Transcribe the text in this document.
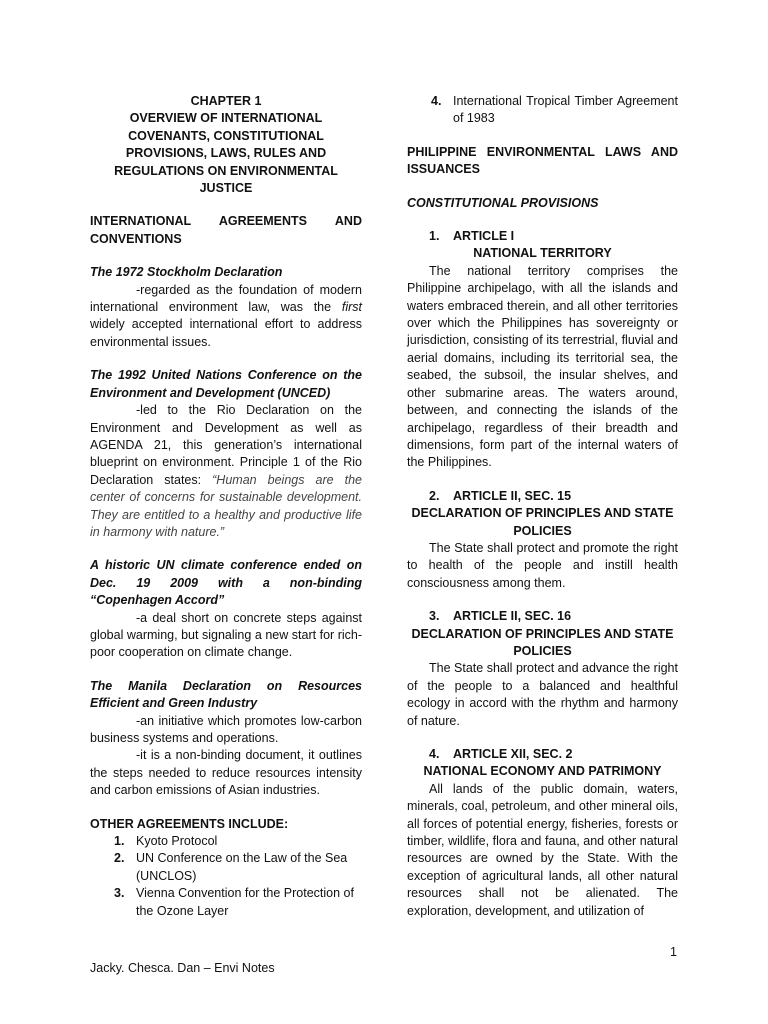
CHAPTER 1
OVERVIEW OF INTERNATIONAL COVENANTS, CONSTITUTIONAL PROVISIONS, LAWS, RULES AND REGULATIONS ON ENVIRONMENTAL JUSTICE
INTERNATIONAL AGREEMENTS AND CONVENTIONS
The 1972 Stockholm Declaration
-regarded as the foundation of modern international environment law, was the first widely accepted international effort to address environmental issues.
The 1992 United Nations Conference on the Environment and Development (UNCED)
-led to the Rio Declaration on the Environment and Development as well as AGENDA 21, this generation’s international blueprint on environment. Principle 1 of the Rio Declaration states: “Human beings are the center of concerns for sustainable development. They are entitled to a healthy and productive life in harmony with nature.”
A historic UN climate conference ended on Dec. 19 2009 with a non-binding “Copenhagen Accord”
-a deal short on concrete steps against global warming, but signaling a new start for rich-poor cooperation on climate change.
The Manila Declaration on Resources Efficient and Green Industry
-an initiative which promotes low-carbon business systems and operations.
-it is a non-binding document, it outlines the steps needed to reduce resources intensity and carbon emissions of Asian industries.
OTHER AGREEMENTS INCLUDE:
1. Kyoto Protocol
2. UN Conference on the Law of the Sea (UNCLOS)
3. Vienna Convention for the Protection of the Ozone Layer
4. International Tropical Timber Agreement of 1983
PHILIPPINE ENVIRONMENTAL LAWS AND ISSUANCES
CONSTITUTIONAL PROVISIONS
1. ARTICLE I
NATIONAL TERRITORY
The national territory comprises the Philippine archipelago, with all the islands and waters embraced therein, and all other territories over which the Philippines has sovereignty or jurisdiction, consisting of its terrestrial, fluvial and aerial domains, including its territorial sea, the seabed, the subsoil, the insular shelves, and other submarine areas. The waters around, between, and connecting the islands of the archipelago, regardless of their breadth and dimensions, form part of the internal waters of the Philippines.
2. ARTICLE II, SEC. 15
DECLARATION OF PRINCIPLES AND STATE POLICIES
The State shall protect and promote the right to health of the people and instill health consciousness among them.
3. ARTICLE II, SEC. 16
DECLARATION OF PRINCIPLES AND STATE POLICIES
The State shall protect and advance the right of the people to a balanced and healthful ecology in accord with the rhythm and harmony of nature.
4. ARTICLE XII, SEC. 2
NATIONAL ECONOMY AND PATRIMONY
All lands of the public domain, waters, minerals, coal, petroleum, and other mineral oils, all forces of potential energy, fisheries, forests or timber, wildlife, flora and fauna, and other natural resources are owned by the State. With the exception of agricultural lands, all other natural resources shall not be alienated. The exploration, development, and utilization of
1
Jacky. Chesca. Dan – Envi Notes
